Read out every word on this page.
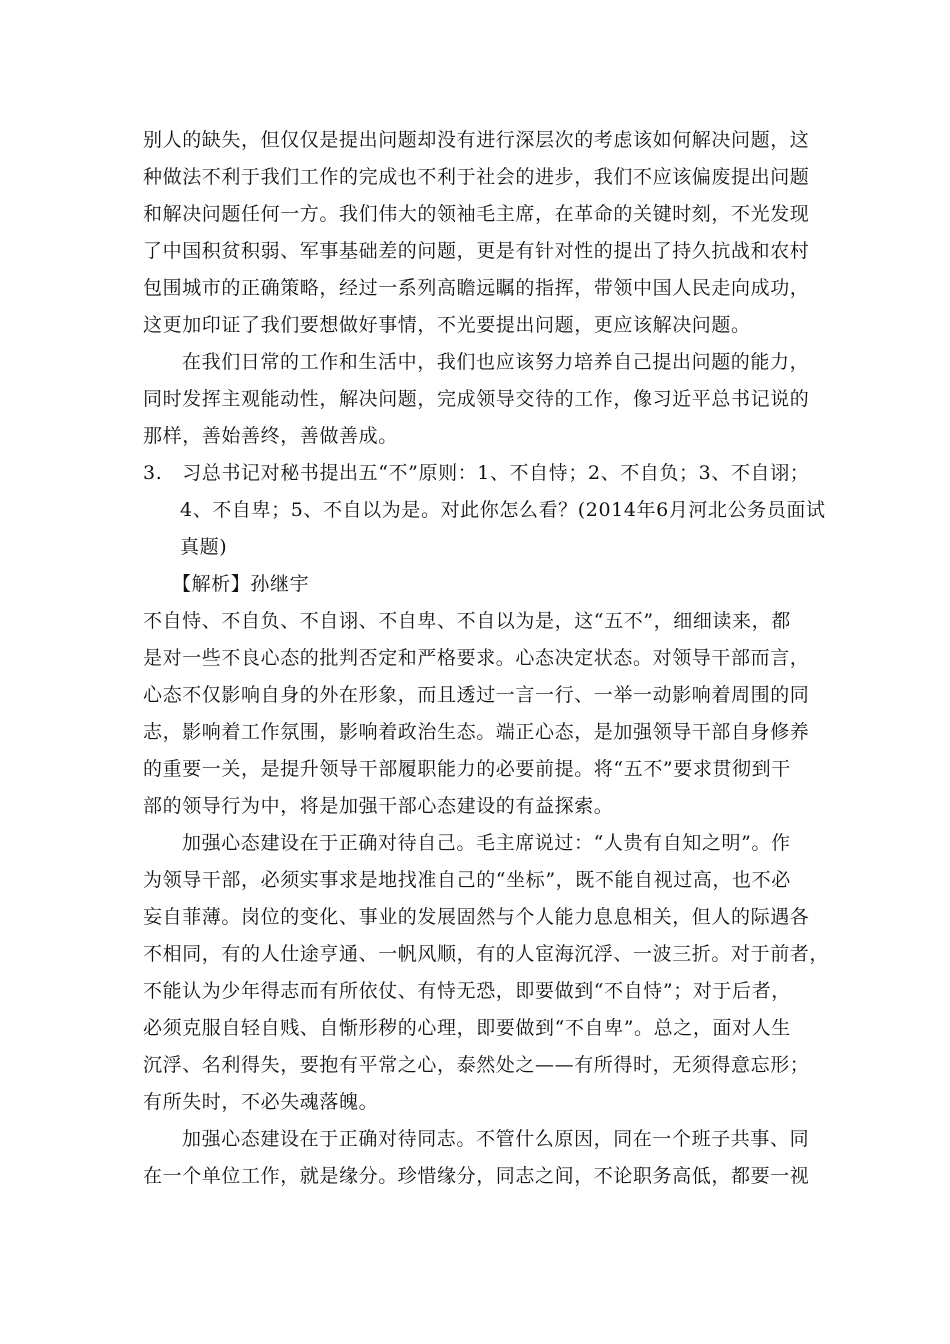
别人的缺失，但仅仅是提出问题却没有进行深层次的考虑该如何解决问题，这
种做法不利于我们工作的完成也不利于社会的进步，我们不应该偏废提出问题
和解决问题任何一方。我们伟大的领袖毛主席，在革命的关键时刻，不光发现
了中国积贫积弱、军事基础差的问题，更是有针对性的提出了持久抗战和农村
包围城市的正确策略，经过一系列高瞻远瞩的指挥，带领中国人民走向成功，
这更加印证了我们要想做好事情，不光要提出问题，更应该解决问题。
在我们日常的工作和生活中，我们也应该努力培养自己提出问题的能力，
同时发挥主观能动性，解决问题，完成领导交待的工作，像习近平总书记说的
那样，善始善终，善做善成。
3.   习总书记对秘书提出五“不”原则：1、不自恃；2、不自负；3、不自诩；
4、不自卑；5、不自以为是。对此你怎么看？(2014年6月河北公务员面试
真题)
【解析】孙继宇
不自恃、不自负、不自诩、不自卑、不自以为是，这“五不”，细细读来，都
是对一些不良心态的批判否定和严格要求。心态决定状态。对领导干部而言，
心态不仅影响自身的外在形象，而且透过一言一行、一举一动影响着周围的同
志，影响着工作氛围，影响着政治生态。端正心态，是加强领导干部自身修养
的重要一关，是提升领导干部履职能力的必要前提。将“五不”要求贯彻到干
部的领导行为中，将是加强干部心态建设的有益探索。
加强心态建设在于正确对待自己。毛主席说过：“人贵有自知之明”。作
为领导干部，必须实事求是地找准自己的“坐标”，既不能自视过高，也不必
妄自菲薄。岗位的变化、事业的发展固然与个人能力息息相关，但人的际遇各
不相同，有的人仕途亨通、一帆风顺，有的人宦海沉浮、一波三折。对于前者，
不能认为少年得志而有所依仗、有恃无恐，即要做到“不自恃”；对于后者，
必须克服自轻自贱、自惭形秽的心理，即要做到“不自卑”。总之，面对人生
沉浮、名利得失，要抱有平常之心，泰然处之——有所得时，无须得意忘形；
有所失时，不必失魂落魄。
加强心态建设在于正确对待同志。不管什么原因，同在一个班子共事、同
在一个单位工作，就是缘分。珍惜缘分，同志之间，不论职务高低，都要一视
